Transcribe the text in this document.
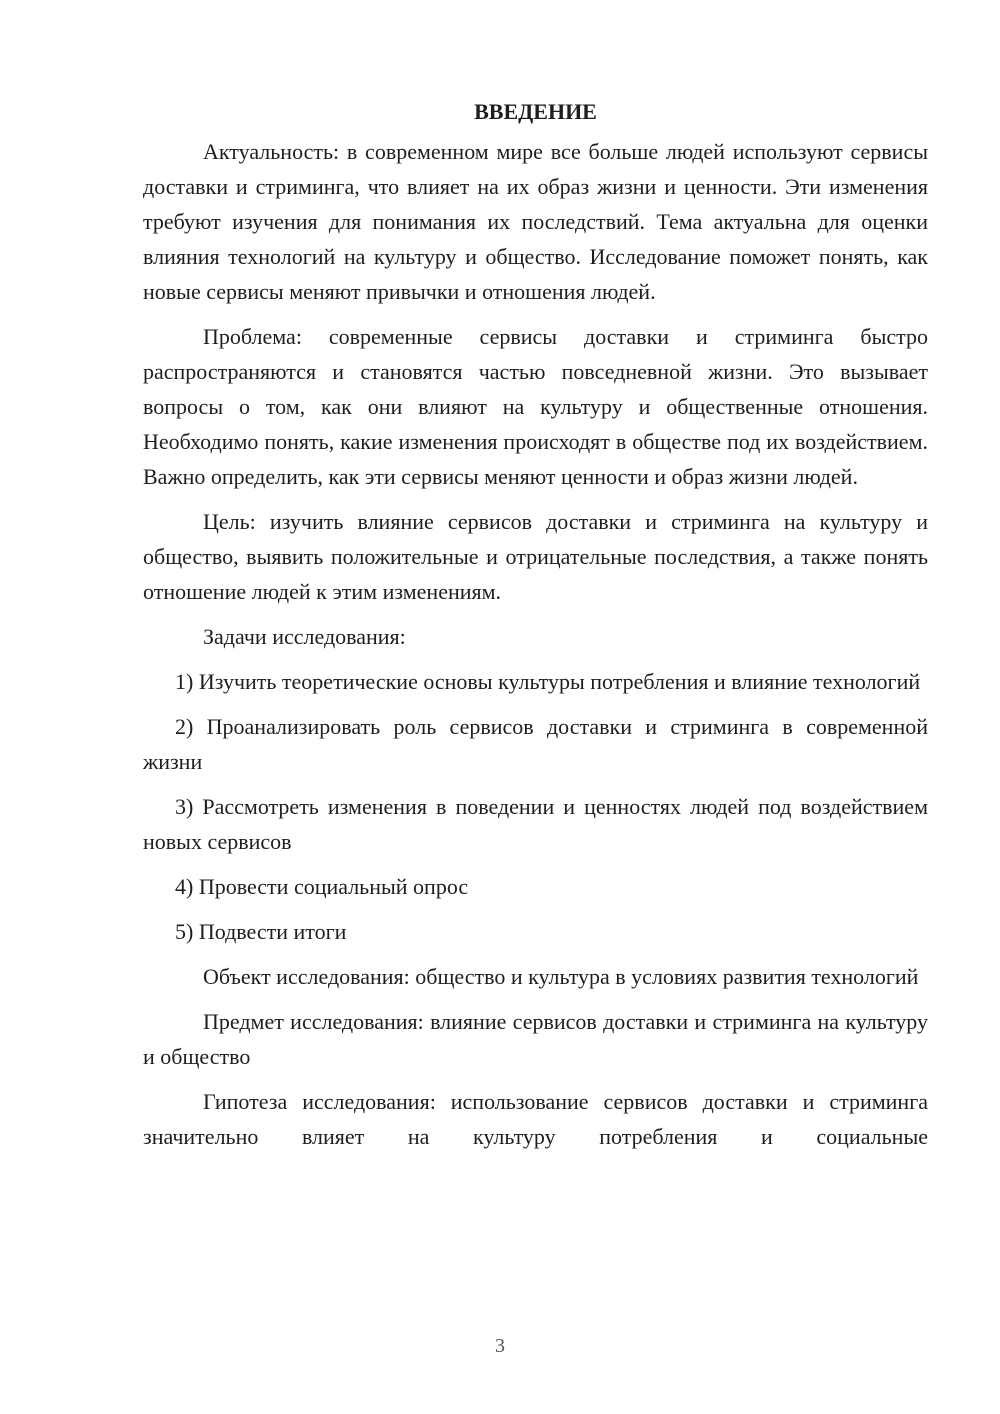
ВВЕДЕНИЕ

Актуальность: в современном мире все больше людей используют сервисы доставки и стриминга, что влияет на их образ жизни и ценности. Эти изменения требуют изучения для понимания их последствий. Тема актуальна для оценки влияния технологий на культуру и общество. Исследование поможет понять, как новые сервисы меняют привычки и отношения людей.

Проблема: современные сервисы доставки и стриминга быстро распространяются и становятся частью повседневной жизни. Это вызывает вопросы о том, как они влияют на культуру и общественные отношения. Необходимо понять, какие изменения происходят в обществе под их воздействием. Важно определить, как эти сервисы меняют ценности и образ жизни людей.

Цель: изучить влияние сервисов доставки и стриминга на культуру и общество, выявить положительные и отрицательные последствия, а также понять отношение людей к этим изменениям.

Задачи исследования:

1) Изучить теоретические основы культуры потребления и влияние технологий

2) Проанализировать роль сервисов доставки и стриминга в современной жизни

3) Рассмотреть изменения в поведении и ценностях людей под воздействием новых сервисов

4) Провести социальный опрос

5) Подвести итоги

Объект исследования: общество и культура в условиях развития технологий

Предмет исследования: влияние сервисов доставки и стриминга на культуру и общество

Гипотеза исследования: использование сервисов доставки и стриминга значительно влияет на культуру потребления и социальные

3
